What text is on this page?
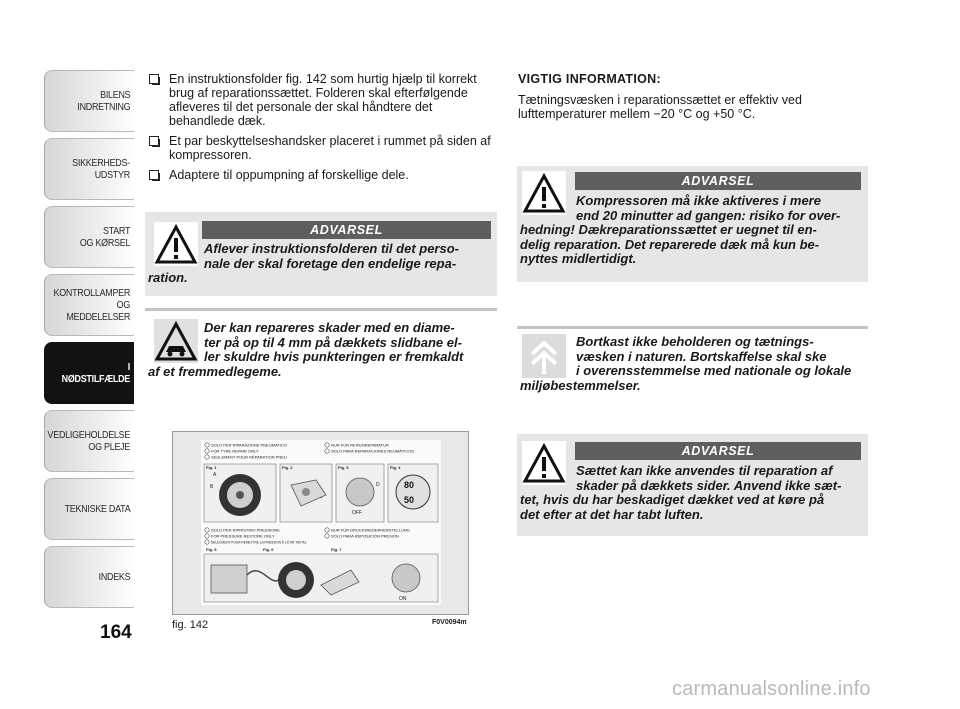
BILENS
INDRETNING
SIKKERHEDS-
UDSTYR
START
OG KØRSEL
KONTROLLAMPER
OG MEDDELELSER
I NØDSTILFÆLDE
VEDLIGEHOLDELSE
OG PLEJE
TEKNISKE DATA
INDEKS
164
En instruktionsfolder fig. 142 som hurtig hjælp til korrekt brug af reparationssættet. Folderen skal efterfølgende afleveres til det personale der skal håndtere det behandlede dæk.
Et par beskyttelseshandsker placeret i rummet på siden af kompressoren.
Adaptere til oppumpning af forskellige dele.
ADVARSEL
Aflever instruktionsfolderen til det perso-
nale der skal foretage den endelige repa-
ration.
Der kan repareres skader med en diame-
ter på op til 4 mm på dækkets slidbane el-
ler skuldre hvis punkteringen er fremkaldt
af et fremmedlegeme.
SOLO PER RIPARAZIONE PNEUMATICO
FOR TYRE REPAIR ONLY
SEULEMENT POUR RÉPARATION PNEU
NUR FÜR REIFENREPARATUR
SOLO PARA REPARACIONES NEUMÁTICOS
SOLO PER RIPRISTINO PRESSIONE
FOR PRESSURE RESTORE ONLY
SEULEMENT POUR REMETTRE LA PRESSION À L'ÉTAT INITIAL
NUR FÜR DRUCKWIEDERHERSTELLUNG
SOLO PARA REPOSICIÓN PRESIÓN
Fig. 1	Fig. 2	Fig. 3	Fig. 4
Fig. 5	Fig. 6	Fig. 7
A
B	D
OFF
80
50
ON
fig. 142	F0V0094m
VIGTIG INFORMATION:
Tætningsvæsken i reparationssættet er effektiv ved lufttemperaturer mellem −20 °C og +50 °C.
ADVARSEL
Kompressoren må ikke aktiveres i mere
end 20 minutter ad gangen: risiko for over-
hedning! Dækreparationssættet er uegnet til en-
delig reparation. Det reparerede dæk må kun be-
nyttes midlertidigt.
Bortkast ikke beholderen og tætnings-
væsken i naturen. Bortskaffelse skal ske
i overensstemmelse med nationale og lokale
miljøbestemmelser.
ADVARSEL
Sættet kan ikke anvendes til reparation af
skader på dækkets sider. Anvend ikke sæt-
tet, hvis du har beskadiget dækket ved at køre på
det efter at det har tabt luften.
carmanualsonline.info
